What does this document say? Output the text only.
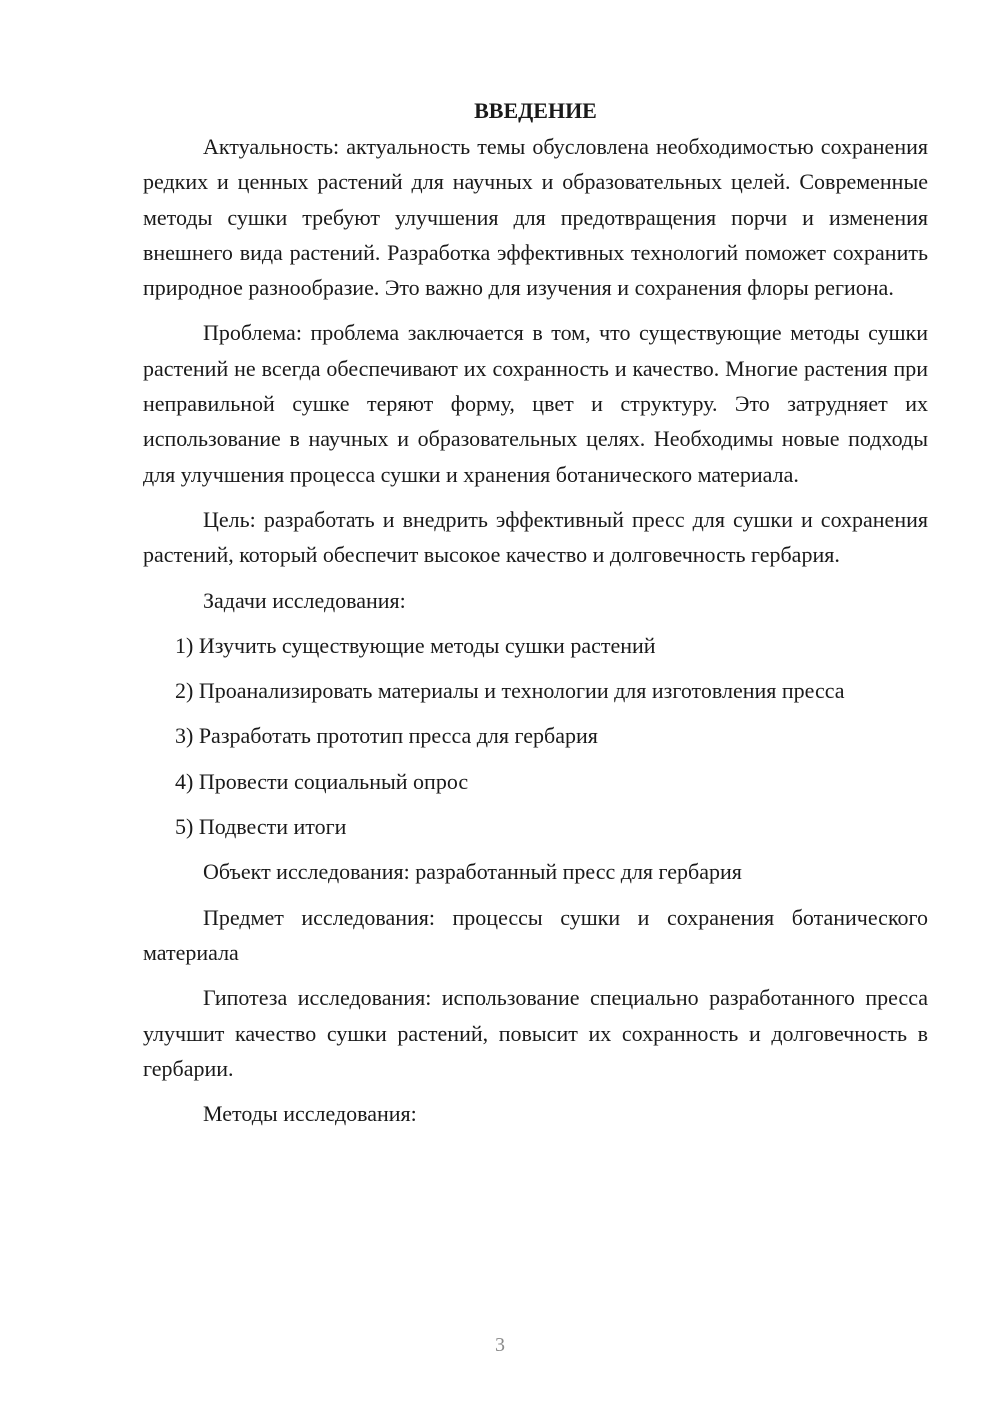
ВВЕДЕНИЕ

Актуальность: актуальность темы обусловлена необходимостью сохранения редких и ценных растений для научных и образовательных целей. Современные методы сушки требуют улучшения для предотвращения порчи и изменения внешнего вида растений. Разработка эффективных технологий поможет сохранить природное разнообразие. Это важно для изучения и сохранения флоры региона.

Проблема: проблема заключается в том, что существующие методы сушки растений не всегда обеспечивают их сохранность и качество. Многие растения при неправильной сушке теряют форму, цвет и структуру. Это затрудняет их использование в научных и образовательных целях. Необходимы новые подходы для улучшения процесса сушки и хранения ботанического материала.

Цель: разработать и внедрить эффективный пресс для сушки и сохранения растений, который обеспечит высокое качество и долговечность гербария.

Задачи исследования:

1) Изучить существующие методы сушки растений

2) Проанализировать материалы и технологии для изготовления пресса

3) Разработать прототип пресса для гербария

4) Провести социальный опрос

5) Подвести итоги

Объект исследования: разработанный пресс для гербария

Предмет исследования: процессы сушки и сохранения ботанического материала

Гипотеза исследования: использование специально разработанного пресса улучшит качество сушки растений, повысит их сохранность и долговечность в гербарии.

Методы исследования:

3
